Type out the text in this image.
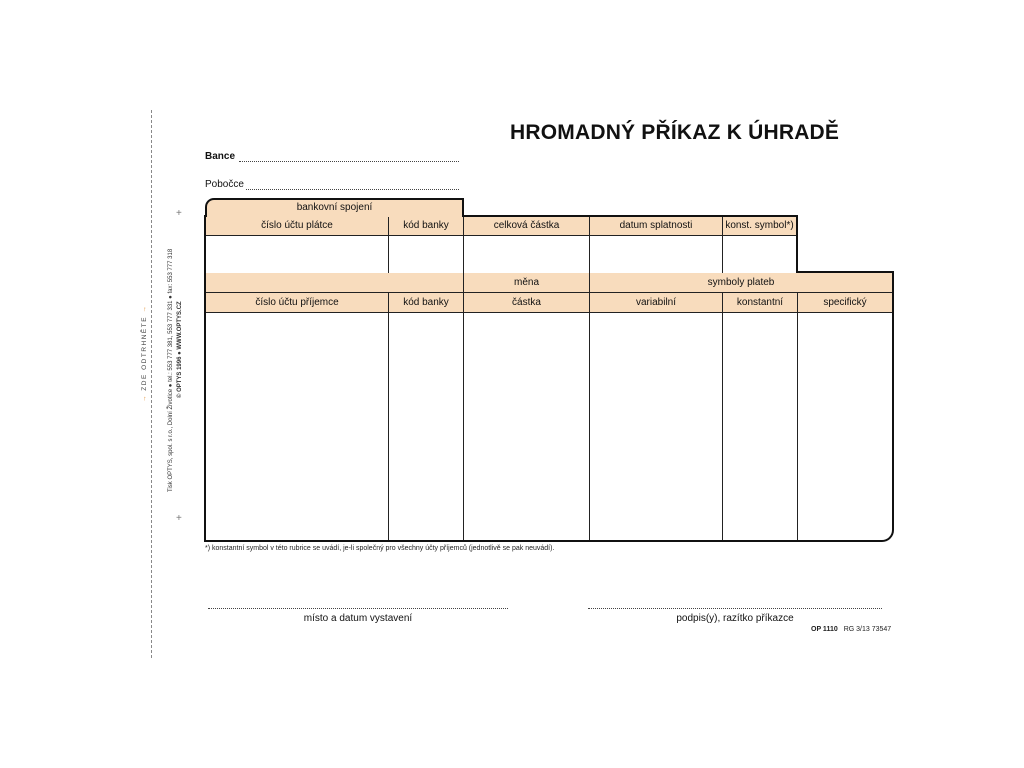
→ ZDE ODTRHNĚTE →	Tisk OPTYS, spol. s r.o., Dolní Životice ● tel.: 553 777 381, 553 777 331 ● fax: 553 777 318 © OPTYS 1996 ● WWW.OPTYS.CZ
+
+
HROMADNÝ PŘÍKAZ K ÚHRADĚ
Bance
Pobočce
bankovní spojení
číslo účtu plátce	kód banky	celková částka	datum splatnosti	konst. symbol*)
měna	symboly plateb
číslo účtu příjemce	kód banky	částka	variabilní	konstantní	specifický
*) konstantní symbol v této rubrice se uvádí, je-li společný pro všechny účty příjemců (jednotlivě se pak neuvádí).
místo a datum vystavení	podpis(y), razítko příkazce
OP 1110 RG 3/13 73547
